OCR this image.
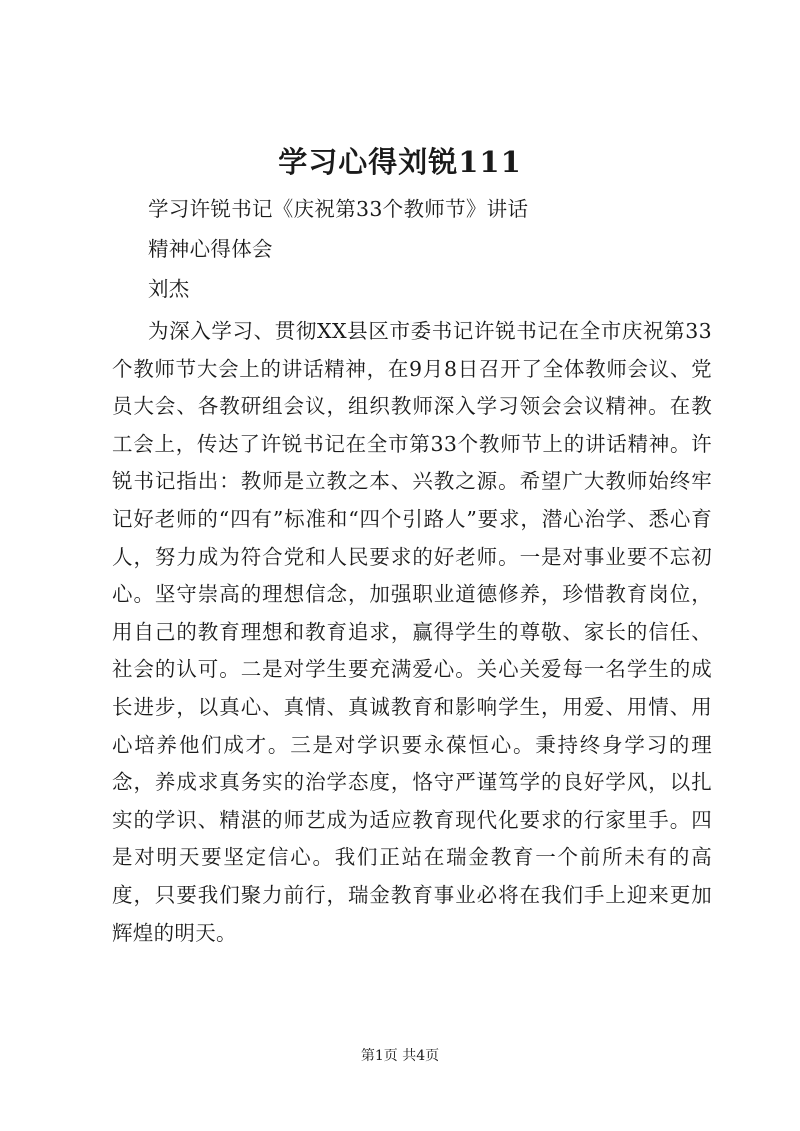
学习心得刘锐111
学习许锐书记《庆祝第33个教师节》讲话
精神心得体会
刘杰
为深入学习、贯彻XX县区市委书记许锐书记在全市庆祝第33个教师节大会上的讲话精神，在9月8日召开了全体教师会议、党员大会、各教研组会议，组织教师深入学习领会会议精神。在教工会上，传达了许锐书记在全市第33个教师节上的讲话精神。许锐书记指出：教师是立教之本、兴教之源。希望广大教师始终牢记好老师的“四有”标准和“四个引路人”要求，潜心治学、悉心育人，努力成为符合党和人民要求的好老师。一是对事业要不忘初心。坚守崇高的理想信念，加强职业道德修养，珍惜教育岗位，用自己的教育理想和教育追求，赢得学生的尊敬、家长的信任、社会的认可。二是对学生要充满爱心。关心关爱每一名学生的成长进步，以真心、真情、真诚教育和影响学生，用爱、用情、用心培养他们成才。三是对学识要永葆恒心。秉持终身学习的理念，养成求真务实的治学态度，恪守严谨笃学的良好学风，以扎实的学识、精湛的师艺成为适应教育现代化要求的行家里手。四是对明天要坚定信心。我们正站在瑞金教育一个前所未有的高度，只要我们聚力前行，瑞金教育事业必将在我们手上迎来更加辉煌的明天。
第1页 共4页
